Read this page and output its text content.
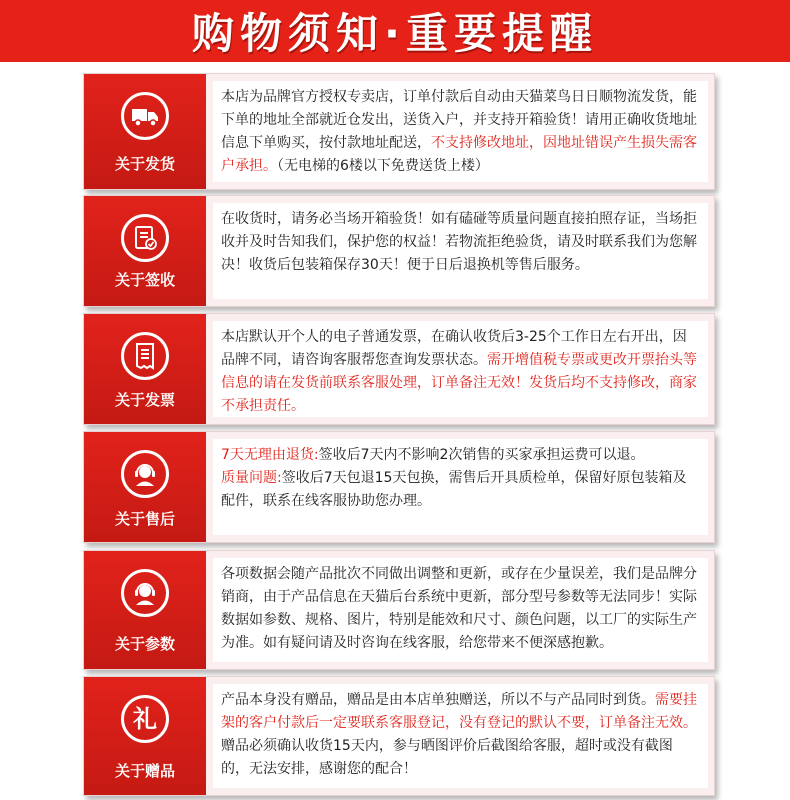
购物须知·重要提醒
关于发货
本店为品牌官方授权专卖店，订单付款后自动由天猫菜鸟日日顺物流发货，能下单的地址全部就近仓发出，送货入户，并支持开箱验货！请用正确收货地址信息下单购买，按付款地址配送，不支持修改地址，因地址错误产生损失需客户承担。（无电梯的6楼以下免费送货上楼）
关于签收
在收货时，请务必当场开箱验货！如有磕碰等质量问题直接拍照存证，当场拒收并及时告知我们，保护您的权益！若物流拒绝验货，请及时联系我们为您解决！收货后包装箱保存30天！便于日后退换机等售后服务。
关于发票
本店默认开个人的电子普通发票，在确认收货后3-25个工作日左右开出，因品牌不同，请咨询客服帮您查询发票状态。需开增值税专票或更改开票抬头等信息的请在发货前联系客服处理，订单备注无效！发货后均不支持修改，商家不承担责任。
关于售后
7天无理由退货:签收后7天内不影响2次销售的买家承担运费可以退。
质量问题:签收后7天包退15天包换，需售后开具质检单，保留好原包装箱及配件，联系在线客服协助您办理。
关于参数
各项数据会随产品批次不同做出调整和更新，或存在少量误差，我们是品牌分销商，由于产品信息在天猫后台系统中更新，部分型号参数等无法同步！实际数据如参数、规格、图片，特别是能效和尺寸、颜色问题，以工厂的实际生产为准。如有疑问请及时咨询在线客服，给您带来不便深感抱歉。
礼
关于赠品
产品本身没有赠品，赠品是由本店单独赠送，所以不与产品同时到货。需要挂架的客户付款后一定要联系客服登记，没有登记的默认不要，订单备注无效。赠品必须确认收货15天内，参与晒图评价后截图给客服，超时或没有截图的，无法安排，感谢您的配合！
